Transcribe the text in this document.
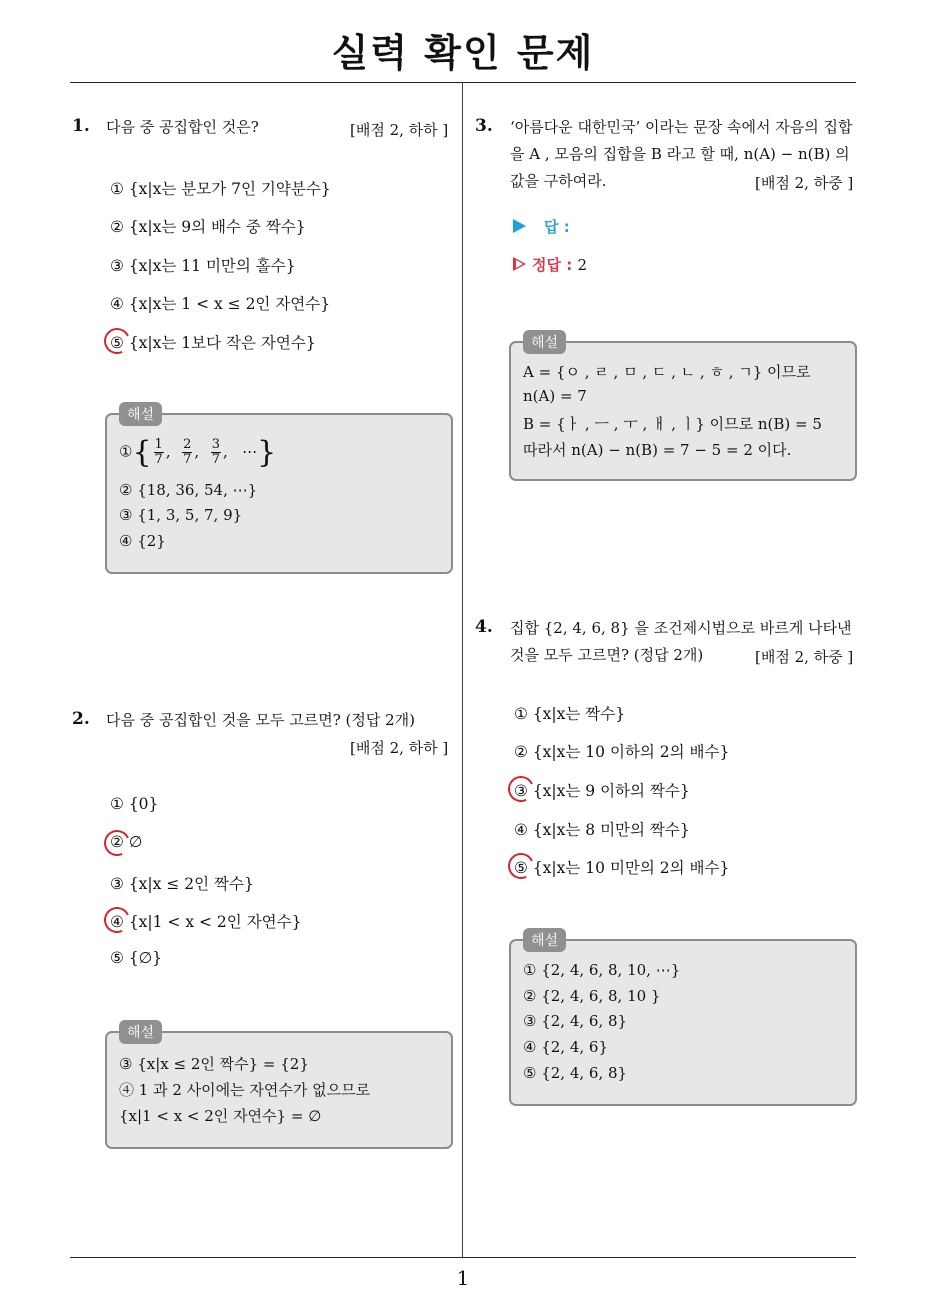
실력 확인 문제
1
1. 다음 중 공집합인 것은?	[배점 2, 하하 ]
① {x|x는 분모가 7인 기약분수}
② {x|x는 9의 배수 중 짝수}
③ {x|x는 11 미만의 홀수}
④ {x|x는 1 < x ≤ 2인 자연수}
⑤ {x|x는 1보다 작은 자연수}
해설
①{ $\frac{1}{7}$ , $\frac{2}{7}$ , $\frac{3}{7}$ ,   ⋯}
② {18, 36, 54, ⋯}
③ {1, 3, 5, 7, 9}
④ {2}
2. 다음 중 공집합인 것을 모두 고르면? (정답 2개)
[배점 2, 하하 ]
① {0}
② ∅
③ {x|x ≤ 2인 짝수}
④ {x|1 < x < 2인 자연수}
⑤ {∅}
해설
③ {x|x ≤ 2인 짝수} = {2}
④ 1 과 2 사이에는 자연수가 없으므로
{x|1 < x < 2인 자연수} = ∅
3. ‘아름다운 대한민국’ 이라는 문장 속에서 자음의 집합
을 A , 모음의 집합을 B 라고 할 때, n(A) − n(B) 의
값을 구하여라.	[배점 2, 하중 ]
답 :
정답 : 2
해설
A = {ㅇ , ㄹ , ㅁ , ㄷ , ㄴ , ㅎ , ㄱ} 이므로
n(A) = 7
B = {ㅏ , ㅡ , ㅜ , ㅐ , ㅣ} 이므로 n(B) = 5
따라서 n(A) − n(B) = 7 − 5 = 2 이다.
4. 집합 {2, 4, 6, 8} 을 조건제시법으로 바르게 나타낸
것을 모두 고르면? (정답 2개)	[배점 2, 하중 ]
① {x|x는 짝수}
② {x|x는 10 이하의 2의 배수}
③ {x|x는 9 이하의 짝수}
④ {x|x는 8 미만의 짝수}
⑤ {x|x는 10 미만의 2의 배수}
해설
① {2, 4, 6, 8, 10, ⋯}
② {2, 4, 6, 8, 10 }
③ {2, 4, 6, 8}
④ {2, 4, 6}
⑤ {2, 4, 6, 8}
